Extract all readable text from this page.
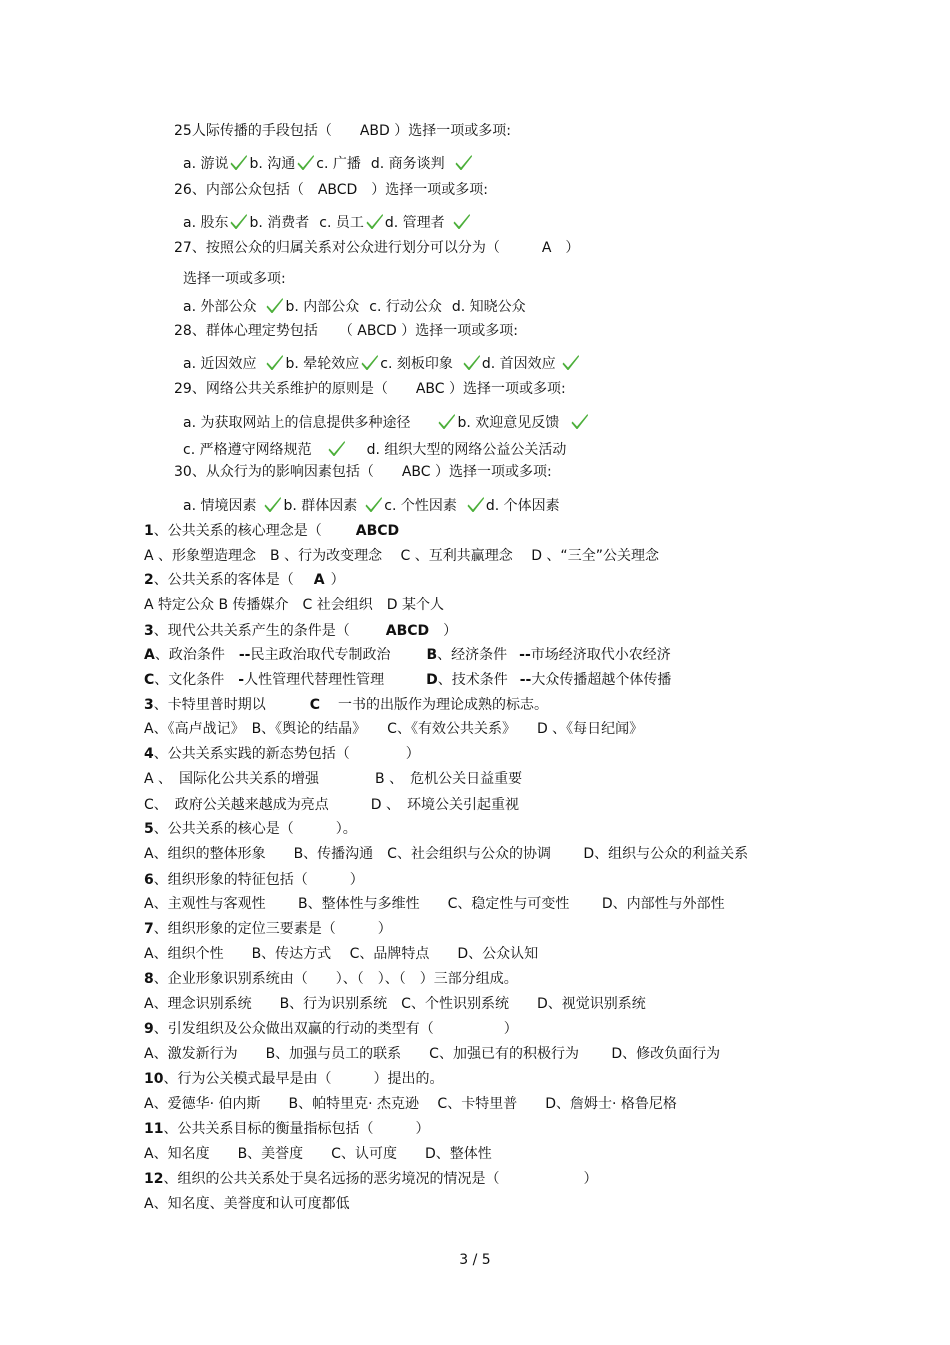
25人际传播的手段包括（　　ABD ）选择一项或多项:
a. 游说 b. 沟通 c. 广播 d. 商务谈判
26、内部公众包括（　ABCD　）选择一项或多项:
a. 股东 b. 消费者 c. 员工 d. 管理者
27、按照公众的归属关系对公众进行划分可以分为（　　　A　）
选择一项或多项:
a. 外部公众 b. 内部公众 c. 行动公众 d. 知晓公众
28、群体心理定势包括　　（ ABCD ）选择一项或多项:
a. 近因效应 b. 晕轮效应 c. 刻板印象 d. 首因效应
29、网络公共关系维护的原则是（　　ABC ）选择一项或多项:
a. 为获取网站上的信息提供多种途径	b. 欢迎意见反馈
c. 严格遵守网络规范	d. 组织大型的网络公益公关活动
30、从众行为的影响因素包括（　　ABC ）选择一项或多项:
a. 情境因素 b. 群体因素 c. 个性因素 d. 个体因素
1、公共关系的核心理念是（ ABCD
A 、形象塑造理念　B 、行为改变理念　 C 、互利共赢理念　 D 、“三全”公关理念
2、公共关系的客体是（ A ）
A 特定公众 B 传播媒介　C 社会组织　D 某个人
3、现代公共关系产生的条件是（	ABCD ）
A、政治条件 --民主政治取代专制政治	B、经济条件 --市场经济取代小农经济
C、文化条件 -人性管理代替理性管理	D、技术条件 --大众传播超越个体传播
3、卡特里普时期以	C 一书的出版作为理论成熟的标志。
A、《高卢战记》　B、《舆论的结晶》　　C、《有效公共关系》　　D 、《每日纪闻》
4、公共关系实践的新态势包括（　　　　）
A 、　国际化公共关系的增强　　　　B 、　危机公关日益重要
C、　政府公关越来越成为亮点　　　D 、　环境公关引起重视
5、公共关系的核心是（　　　）。
A、组织的整体形象　　B、传播沟通　C、社会组织与公众的协调　　 D、组织与公众的利益关系
6、组织形象的特征包括（　　　）
A、主观性与客观性　　 B、整体性与多维性　　C、稳定性与可变性　　 D、内部性与外部性
7、组织形象的定位三要素是（　　　）
A、组织个性　　B、传达方式　 C、品牌特点　　D、公众认知
8、企业形象识别系统由（　　）、（　）、（　）三部分组成。
A、理念识别系统　　B、行为识别系统　C、个性识别系统　　D、视觉识别系统
9、引发组织及公众做出双赢的行动的类型有（　　　　　）
A、激发新行为　　B、加强与员工的联系　　C、加强已有的积极行为　　 D、修改负面行为
10、行为公关模式最早是由（　　　）提出的。
A、爱德华· 伯内斯　　B、帕特里克· 杰克逊　 C、卡特里普　　D、詹姆士· 格鲁尼格
11、公共关系目标的衡量指标包括（　　　）
A、知名度　　B、美誉度　　C、认可度　　D、整体性
12、组织的公共关系处于臭名远扬的恶劣境况的情况是（　　　　　　）
A、知名度、美誉度和认可度都低
3 / 5
